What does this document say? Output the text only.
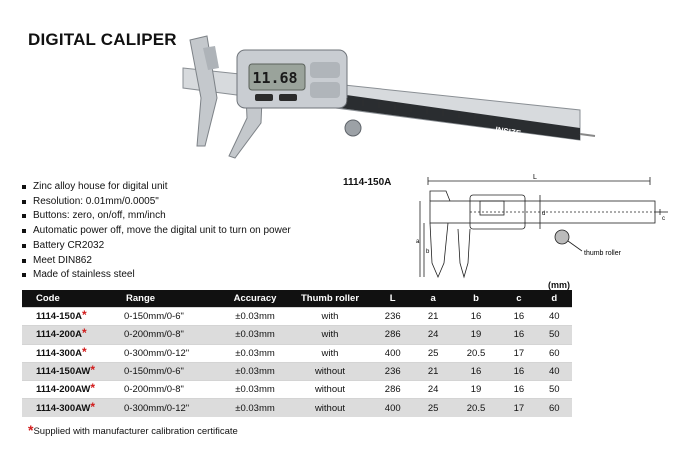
DIGITAL CALIPER
11.68
INSIZE
1114-150A
Zinc alloy house for digital unit
Resolution: 0.01mm/0.0005"
Buttons: zero, on/off, mm/inch
Automatic power off, move the digital unit to turn on power
Battery CR2032
Meet DIN862
Made of stainless steel
L
a
b
c
d
thumb roller
(mm)
Code	Range	Accuracy	Thumb roller	L	a	b	c	d
1114-150A*	0-150mm/0-6"	±0.03mm	with	236	21	16	16	40
1114-200A*	0-200mm/0-8"	±0.03mm	with	286	24	19	16	50
1114-300A*	0-300mm/0-12"	±0.03mm	with	400	25	20.5	17	60
1114-150AW*	0-150mm/0-6"	±0.03mm	without	236	21	16	16	40
1114-200AW*	0-200mm/0-8"	±0.03mm	without	286	24	19	16	50
1114-300AW*	0-300mm/0-12"	±0.03mm	without	400	25	20.5	17	60
*Supplied with manufacturer calibration certificate
